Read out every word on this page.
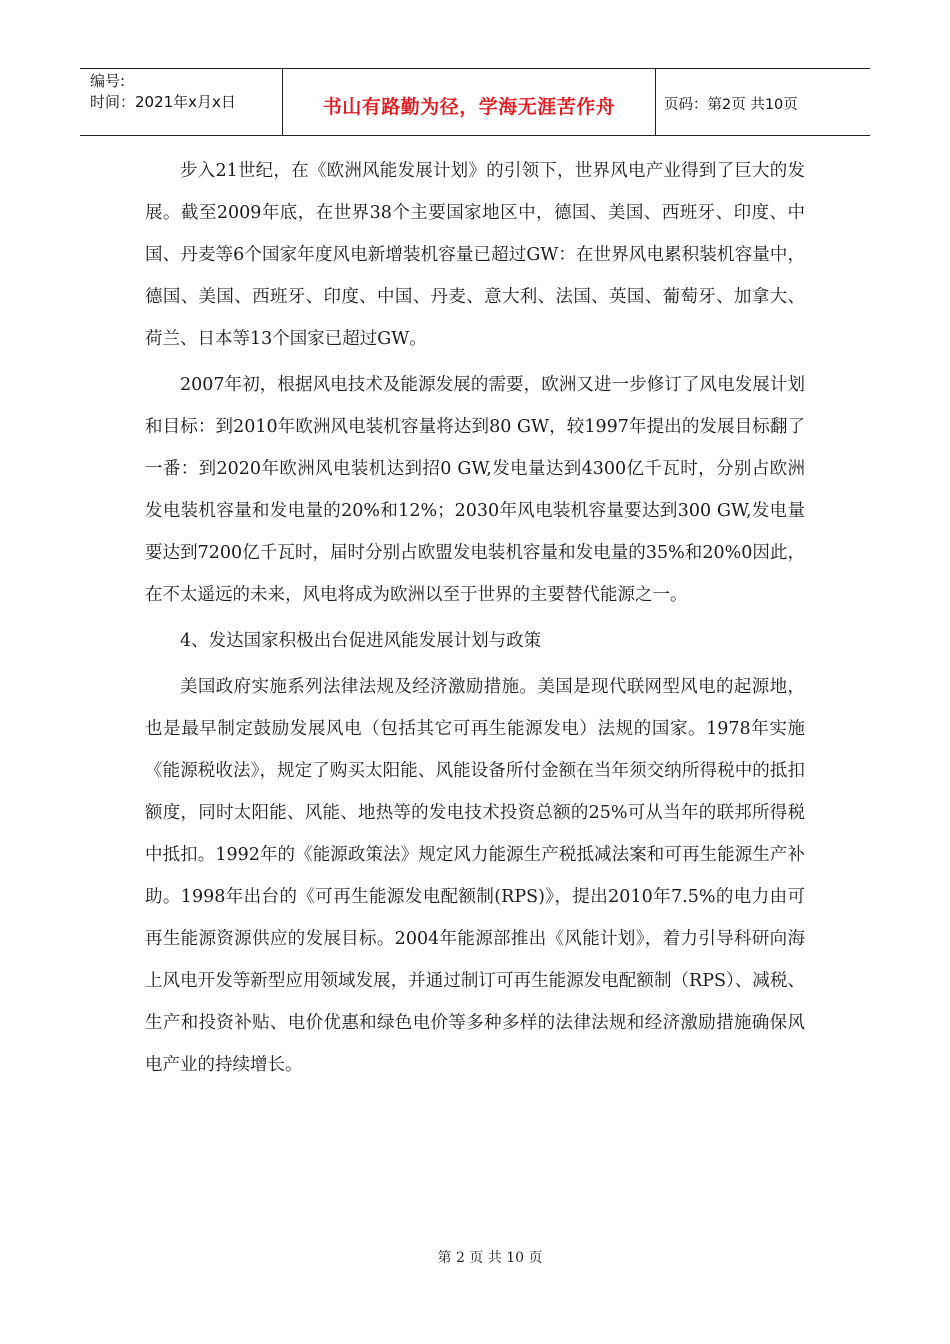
编号:
时间：2021年x月x日	书山有路勤为径，学海无涯苦作舟	页码：第2页 共10页

步入21世纪，在《欧洲风能发展计划》的引领下，世界风电产业得到了巨大的发展。截至2009年底，在世界38个主要国家地区中，德国、美国、西班牙、印度、中国、丹麦等6个国家年度风电新增装机容量已超过GW：在世界风电累积装机容量中，德国、美国、西班牙、印度、中国、丹麦、意大利、法国、英国、葡萄牙、加拿大、荷兰、日本等13个国家已超过GW。

2007年初，根据风电技术及能源发展的需要，欧洲又进一步修订了风电发展计划和目标：到2010年欧洲风电装机容量将达到80 GW，较1997年提出的发展目标翻了一番：到2020年欧洲风电装机达到招0 GW,发电量达到4300亿千瓦时，分别占欧洲发电装机容量和发电量的20%和12%；2030年风电装机容量要达到300 GW,发电量要达到7200亿千瓦时，届时分别占欧盟发电装机容量和发电量的35%和20%0因此，在不太遥远的未来，风电将成为欧洲以至于世界的主要替代能源之一。

4、发达国家积极出台促进风能发展计划与政策

美国政府实施系列法律法规及经济激励措施。美国是现代联网型风电的起源地，也是最早制定鼓励发展风电（包括其它可再生能源发电）法规的国家。1978年实施《能源税收法》，规定了购买太阳能、风能设备所付金额在当年须交纳所得税中的抵扣额度，同时太阳能、风能、地热等的发电技术投资总额的25%可从当年的联邦所得税中抵扣。1992年的《能源政策法》规定风力能源生产税抵减法案和可再生能源生产补助。1998年出台的《可再生能源发电配额制(RPS)》，提出2010年7.5%的电力由可再生能源资源供应的发展目标。2004年能源部推出《风能计划》，着力引导科研向海上风电开发等新型应用领域发展，并通过制订可再生能源发电配额制（RPS）、减税、生产和投资补贴、电价优惠和绿色电价等多种多样的法律法规和经济激励措施确保风电产业的持续增长。

第 2 页 共 10 页
